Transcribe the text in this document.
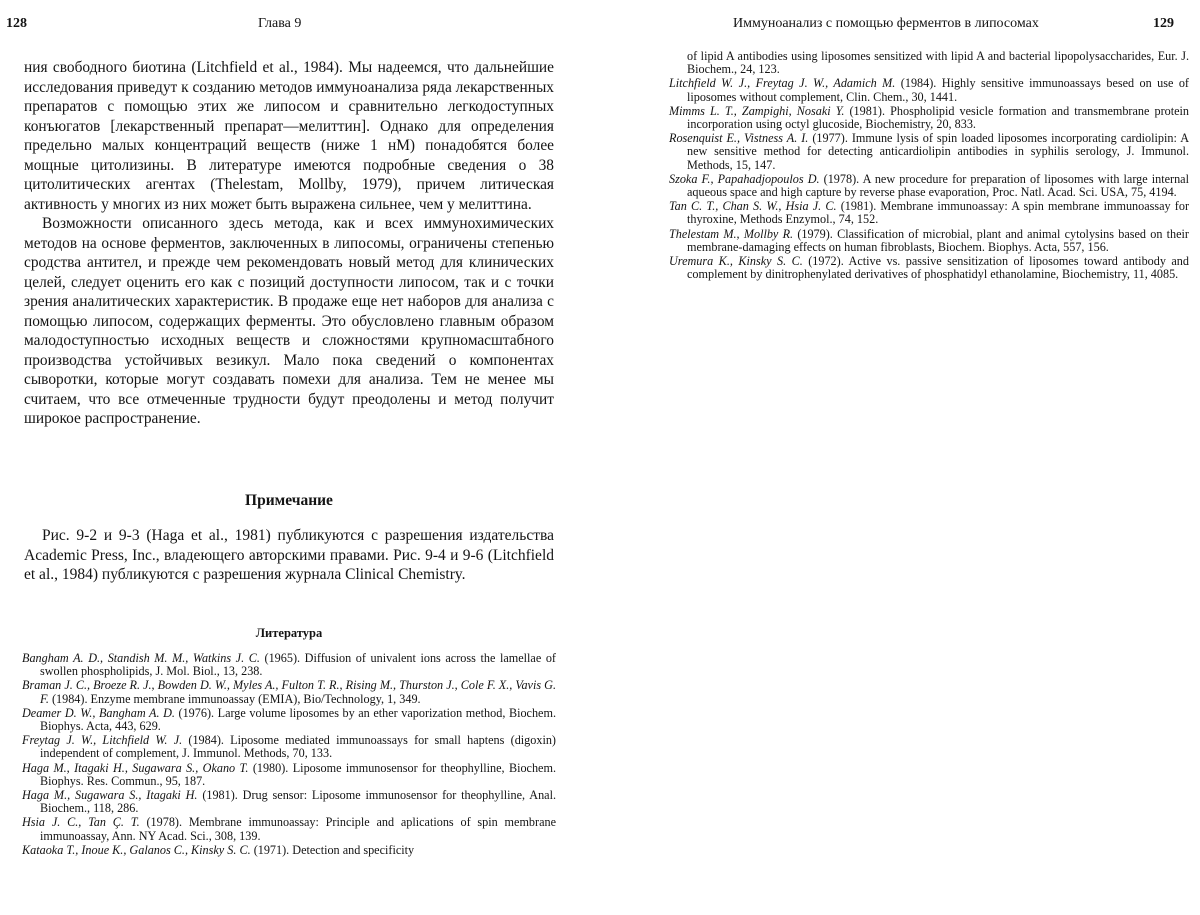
128	Глава 9

ния свободного биотина (Litchfield et al., 1984). Мы надеемся, что дальнейшие исследования приведут к созданию методов иммуноанализа ряда лекарственных препаратов с помощью этих же липосом и сравнительно легкодоступных конъюгатов [лекарственный препарат—мелиттин]. Однако для определения предельно малых концентраций веществ (ниже 1 нМ) понадобятся более мощные цитолизины. В литературе имеются подробные сведения о 38 цитолитических агентах (Thelestam, Mollby, 1979), причем литическая активность у многих из них может быть выражена сильнее, чем у мелиттина.

Возможности описанного здесь метода, как и всех иммунохимических методов на основе ферментов, заключенных в липосомы, ограничены степенью сродства антител, и прежде чем рекомендовать новый метод для клинических целей, следует оценить его как с позиций доступности липосом, так и с точки зрения аналитических характеристик. В продаже еще нет наборов для анализа с помощью липосом, содержащих ферменты. Это обусловлено главным образом малодоступностью исходных веществ и сложностями крупномасштабного производства устойчивых везикул. Мало пока сведений о компонентах сыворотки, которые могут создавать помехи для анализа. Тем не менее мы считаем, что все отмеченные трудности будут преодолены и метод получит широкое распространение.

Примечание

Рис. 9-2 и 9-3 (Haga et al., 1981) публикуются с разрешения издательства Academic Press, Inc., владеющего авторскими правами. Рис. 9-4 и 9-6 (Litchfield et al., 1984) публикуются с разрешения журнала Clinical Chemistry.

Литература
Bangham A. D., Standish M. M., Watkins J. C. (1965). Diffusion of univalent ions across the lamellae of swollen phospholipids, J. Mol. Biol., 13, 238.
Braman J. C., Broeze R. J., Bowden D. W., Myles A., Fulton T. R., Rising M., Thurston J., Cole F. X., Vavis G. F. (1984). Enzyme membrane immunoassay (EMIA), Bio/Technology, 1, 349.
Deamer D. W., Bangham A. D. (1976). Large volume liposomes by an ether vaporization method, Biochem. Biophys. Acta, 443, 629.
Freytag J. W., Litchfield W. J. (1984). Liposome mediated immunoassays for small haptens (digoxin) independent of complement, J. Immunol. Methods, 70, 133.
Haga M., Itagaki H., Sugawara S., Okano T. (1980). Liposome immunosensor for theophylline, Biochem. Biophys. Res. Commun., 95, 187.
Haga M., Sugawara S., Itagaki H. (1981). Drug sensor: Liposome immunosensor for theophylline, Anal. Biochem., 118, 286.
Hsia J. C., Tan Ç. T. (1978). Membrane immunoassay: Principle and aplications of spin membrane immunoassay, Ann. NY Acad. Sci., 308, 139.
Kataoka T., Inoue K., Galanos C., Kinsky S. C. (1971). Detection and specificity
Иммуноанализ с помощью ферментов в липосомах	129
of lipid A antibodies using liposomes sensitized with lipid A and bacterial lipopolysaccharides, Eur. J. Biochem., 24, 123.
Litchfield W. J., Freytag J. W., Adamich M. (1984). Highly sensitive immunoassays besed on use of liposomes without complement, Clin. Chem., 30, 1441.
Mimms L. T., Zampighi, Nosaki Y. (1981). Phospholipid vesicle formation and transmembrane protein incorporation using octyl glucoside, Biochemistry, 20, 833.
Rosenquist E., Vistness A. I. (1977). Immune lysis of spin loaded liposomes incorporating cardiolipin: A new sensitive method for detecting anticardiolipin antibodies in syphilis serology, J. Immunol. Methods, 15, 147.
Szoka F., Papahadjopoulos D. (1978). A new procedure for preparation of liposomes with large internal aqueous space and high capture by reverse phase evaporation, Proc. Natl. Acad. Sci. USA, 75, 4194.
Tan C. T., Chan S. W., Hsia J. C. (1981). Membrane immunoassay: A spin membrane immunoassay for thyroxine, Methods Enzymol., 74, 152.
Thelestam M., Mollby R. (1979). Classification of microbial, plant and animal cytolysins based on their membrane-damaging effects on human fibroblasts, Biochem. Biophys. Acta, 557, 156.
Uremura K., Kinsky S. C. (1972). Active vs. passive sensitization of liposomes toward antibody and complement by dinitrophenylated derivatives of phosphatidyl ethanolamine, Biochemistry, 11, 4085.
